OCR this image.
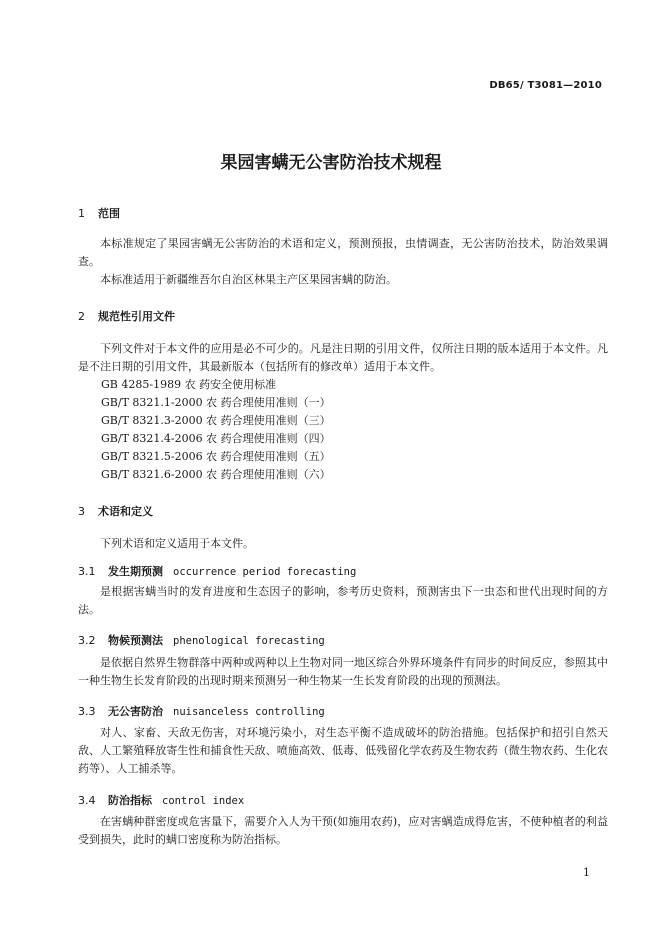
DB65/ T3081—2010
果园害螨无公害防治技术规程
1 范围
本标准规定了果园害螨无公害防治的术语和定义，预测预报，虫情调查，无公害防治技术，防治效果调查。
本标准适用于新疆维吾尔自治区林果主产区果园害螨的防治。
2 规范性引用文件
下列文件对于本文件的应用是必不可少的。凡是注日期的引用文件，仅所注日期的版本适用于本文件。凡是不注日期的引用文件，其最新版本（包括所有的修改单）适用于本文件。
GB 4285-1989 农 药安全使用标准
GB/T 8321.1-2000 农 药合理使用准则（一）
GB/T 8321.3-2000 农 药合理使用准则（三）
GB/T 8321.4-2006 农 药合理使用准则（四）
GB/T 8321.5-2006 农 药合理使用准则（五）
GB/T 8321.6-2000 农 药合理使用准则（六）
3 术语和定义
下列术语和定义适用于本文件。
3.1 发生期预测 occurrence period forecasting
是根据害螨当时的发育进度和生态因子的影响，参考历史资料，预测害虫下一虫态和世代出现时间的方法。
3.2 物候预测法 phenological forecasting
是依据自然界生物群落中两种或两种以上生物对同一地区综合外界环境条件有同步的时间反应，参照其中一种生物生长发育阶段的出现时期来预测另一种生物某一生长发育阶段的出现的预测法。
3.3 无公害防治 nuisanceless controlling
对人、家畜、天敌无伤害，对环境污染小，对生态平衡不造成破坏的防治措施。包括保护和招引自然天敌、人工繁殖释放寄生性和捕食性天敌、喷施高效、低毒、低残留化学农药及生物农药（微生物农药、生化农药等）、人工捕杀等。
3.4 防治指标 control index
在害螨种群密度或危害量下，需要介入人为干预(如施用农药)，应对害螨造成得危害，不使种植者的利益受到损失，此时的螨口密度称为防治指标。
1
